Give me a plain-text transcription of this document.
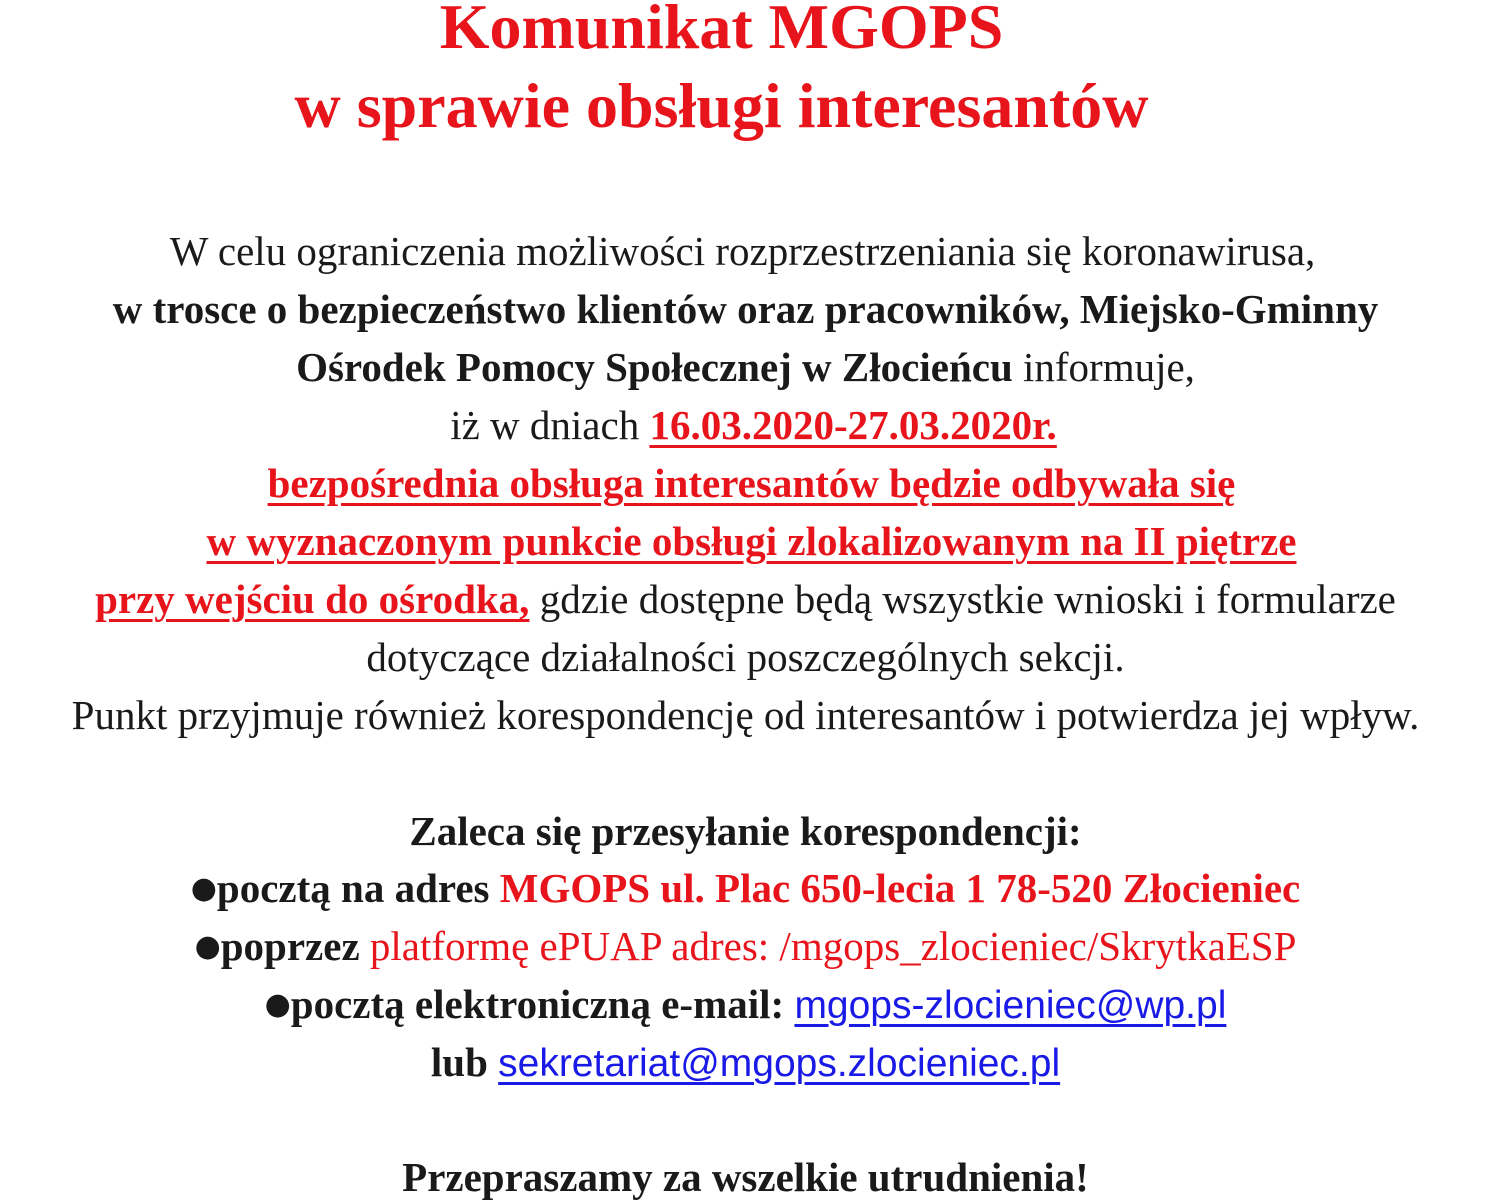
Komunikat MGOPS
w sprawie obsługi interesantów
W celu ograniczenia możliwości rozprzestrzeniania się koronawirusa,
w trosce o bezpieczeństwo klientów oraz pracowników, Miejsko-Gminny
Ośrodek Pomocy Społecznej w Złocieńcu informuje,
iż w dniach 16.03.2020-27.03.2020r.
bezpośrednia obsługa interesantów będzie odbywała się
w wyznaczonym punkcie obsługi zlokalizowanym na II piętrze
przy wejściu do ośrodka, gdzie dostępne będą wszystkie wnioski i formularze
dotyczące działalności poszczególnych sekcji.
Punkt przyjmuje również korespondencję od interesantów i potwierdza jej wpływ.
Zaleca się przesyłanie korespondencji:
●pocztą na adres MGOPS ul. Plac 650-lecia 1 78-520 Złocieniec
●poprzez platformę ePUAP adres: /mgops_zlocieniec/SkrytkaESP
●pocztą elektroniczną e-mail: mgops-zlocieniec@wp.pl
lub sekretariat@mgops.zlocieniec.pl
Przepraszamy za wszelkie utrudnienia!
